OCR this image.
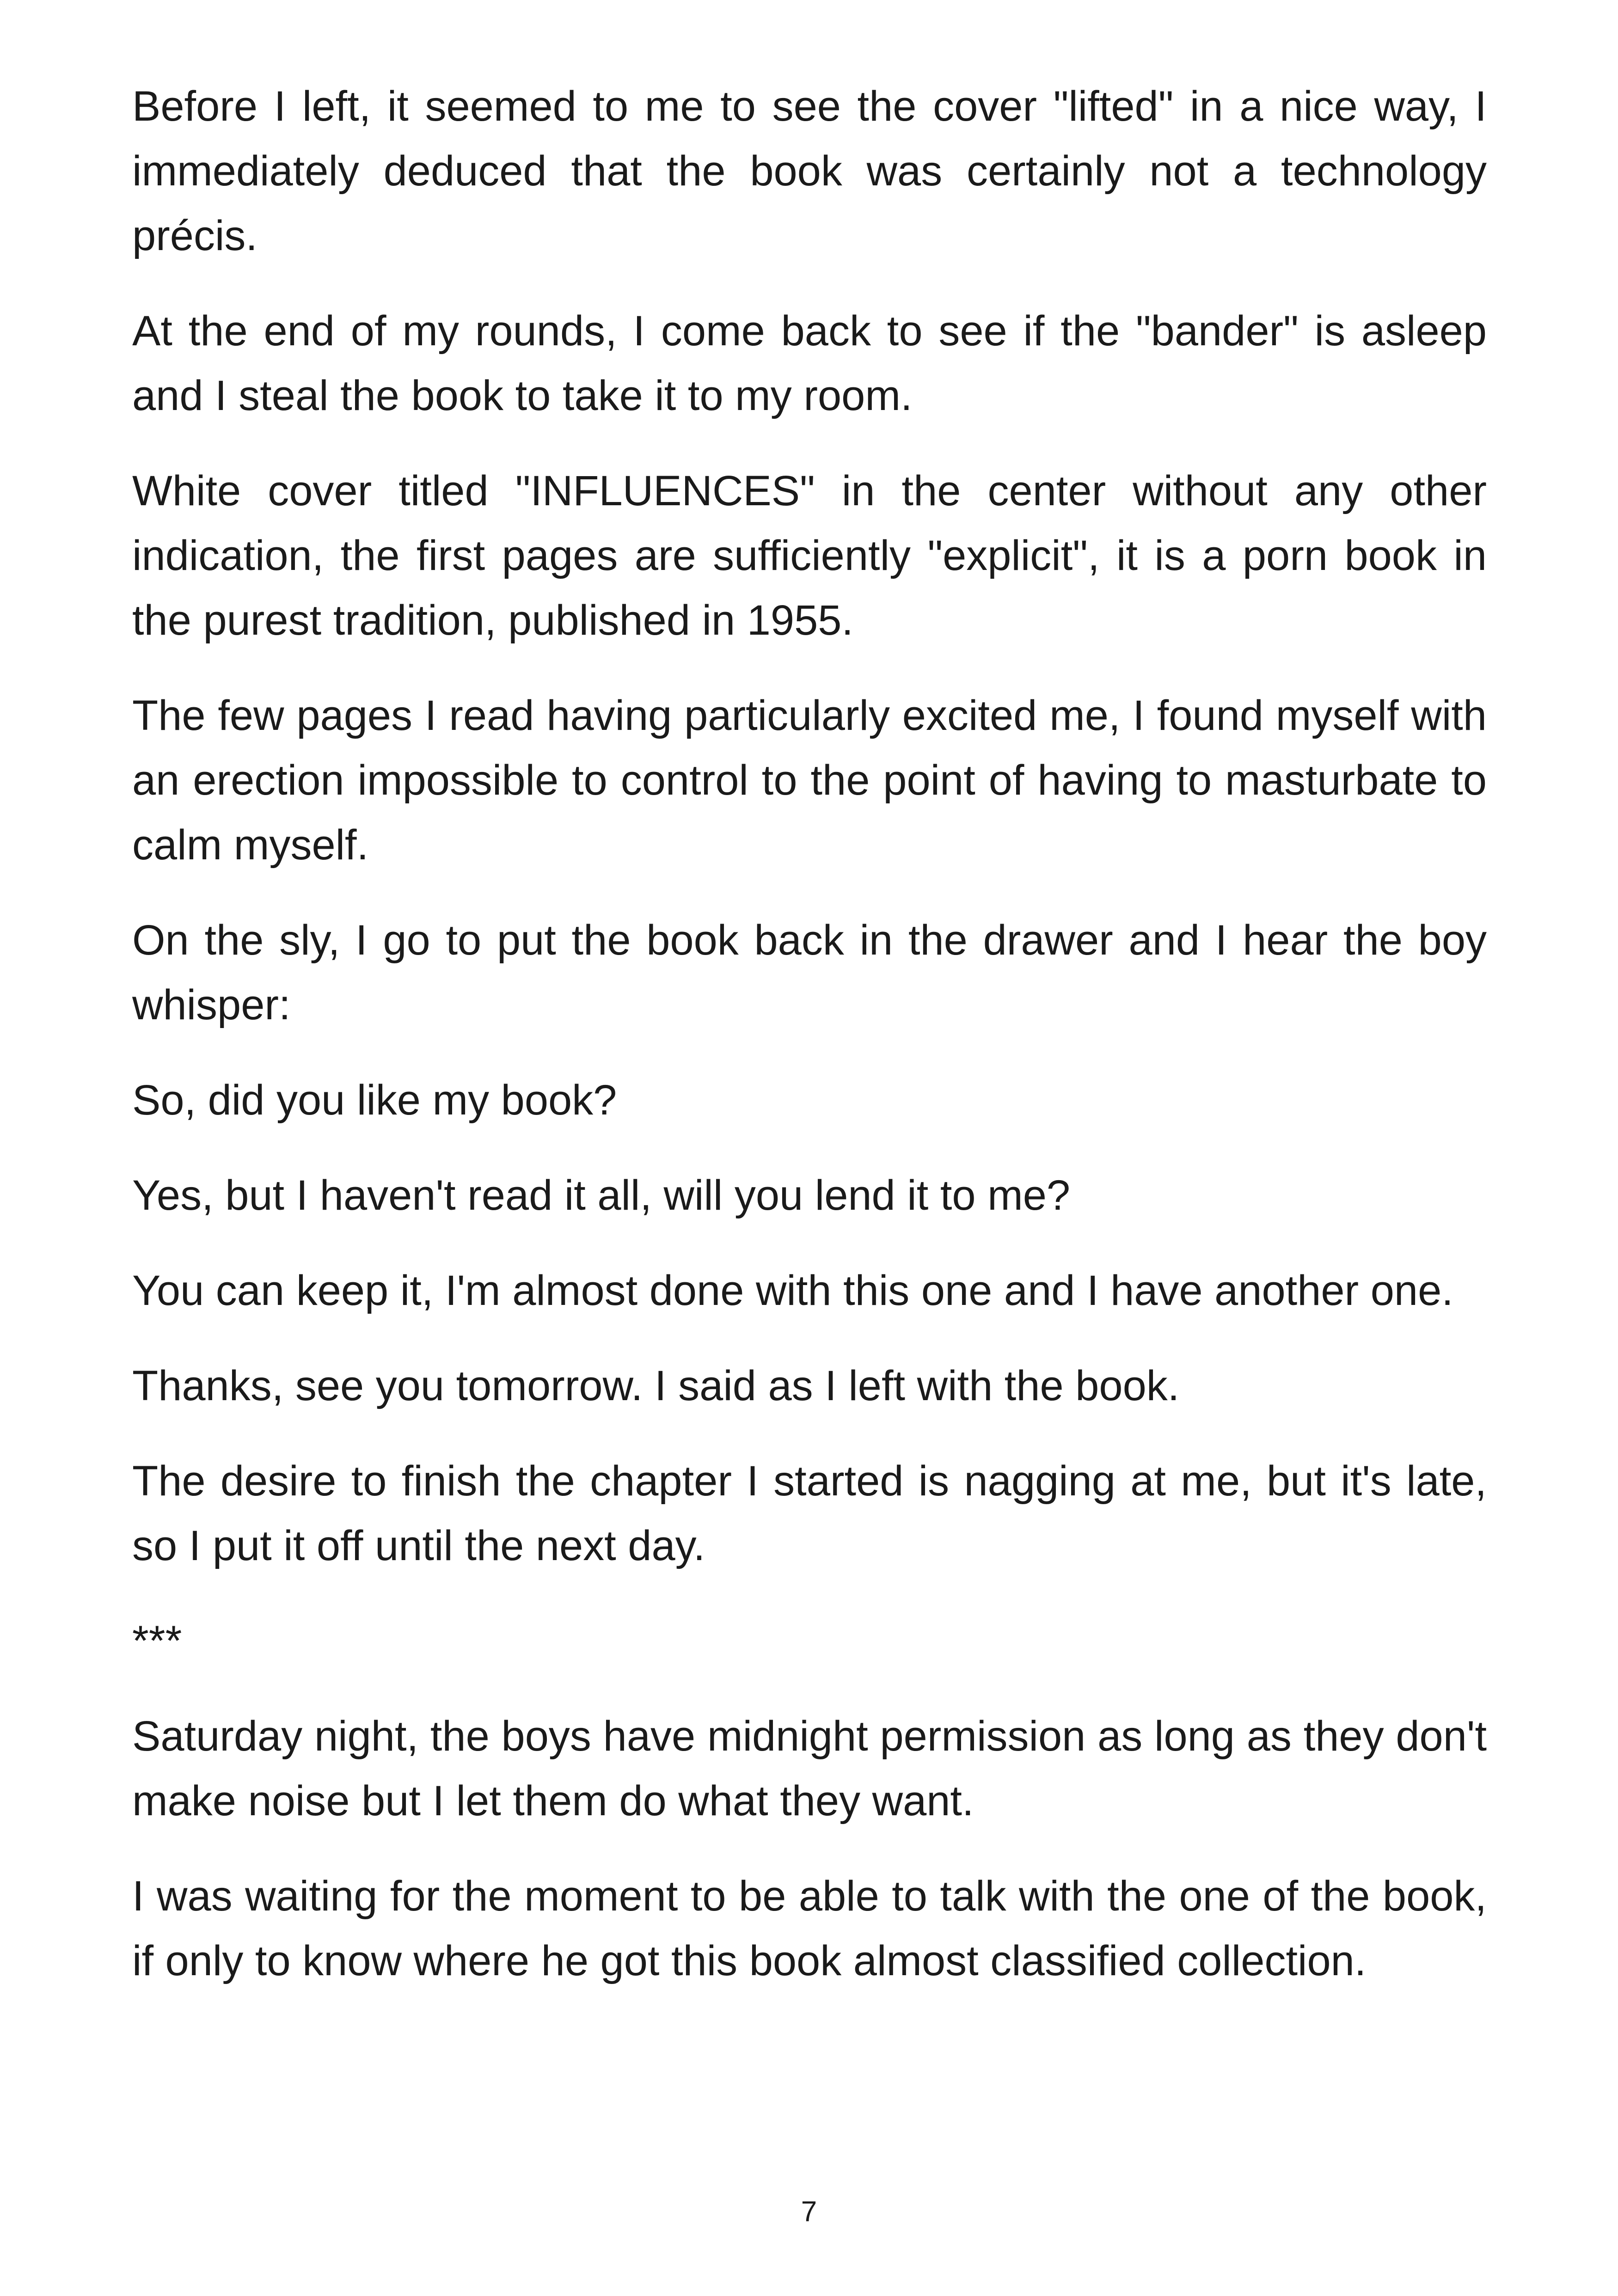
Before I left, it seemed to me to see the cover "lifted" in a nice way, I immediately deduced that the book was certainly not a technology précis.

At the end of my rounds, I come back to see if the "bander" is asleep and I steal the book to take it to my room.

White cover titled "INFLUENCES" in the center without any other indication, the first pages are sufficiently "explicit", it is a porn book in the purest tradition, published in 1955.

The few pages I read having particularly excited me, I found myself with an erection impossible to control to the point of having to masturbate to calm myself.

On the sly, I go to put the book back in the drawer and I hear the boy whisper:

So, did you like my book?

Yes, but I haven't read it all, will you lend it to me?

You can keep it, I'm almost done with this one and I have another one.

Thanks, see you tomorrow. I said as I left with the book.

The desire to finish the chapter I started is nagging at me, but it's late, so I put it off until the next day.

***

Saturday night, the boys have midnight permission as long as they don't make noise but I let them do what they want.

I was waiting for the moment to be able to talk with the one of the book, if only to know where he got this book almost classified collection.

7
